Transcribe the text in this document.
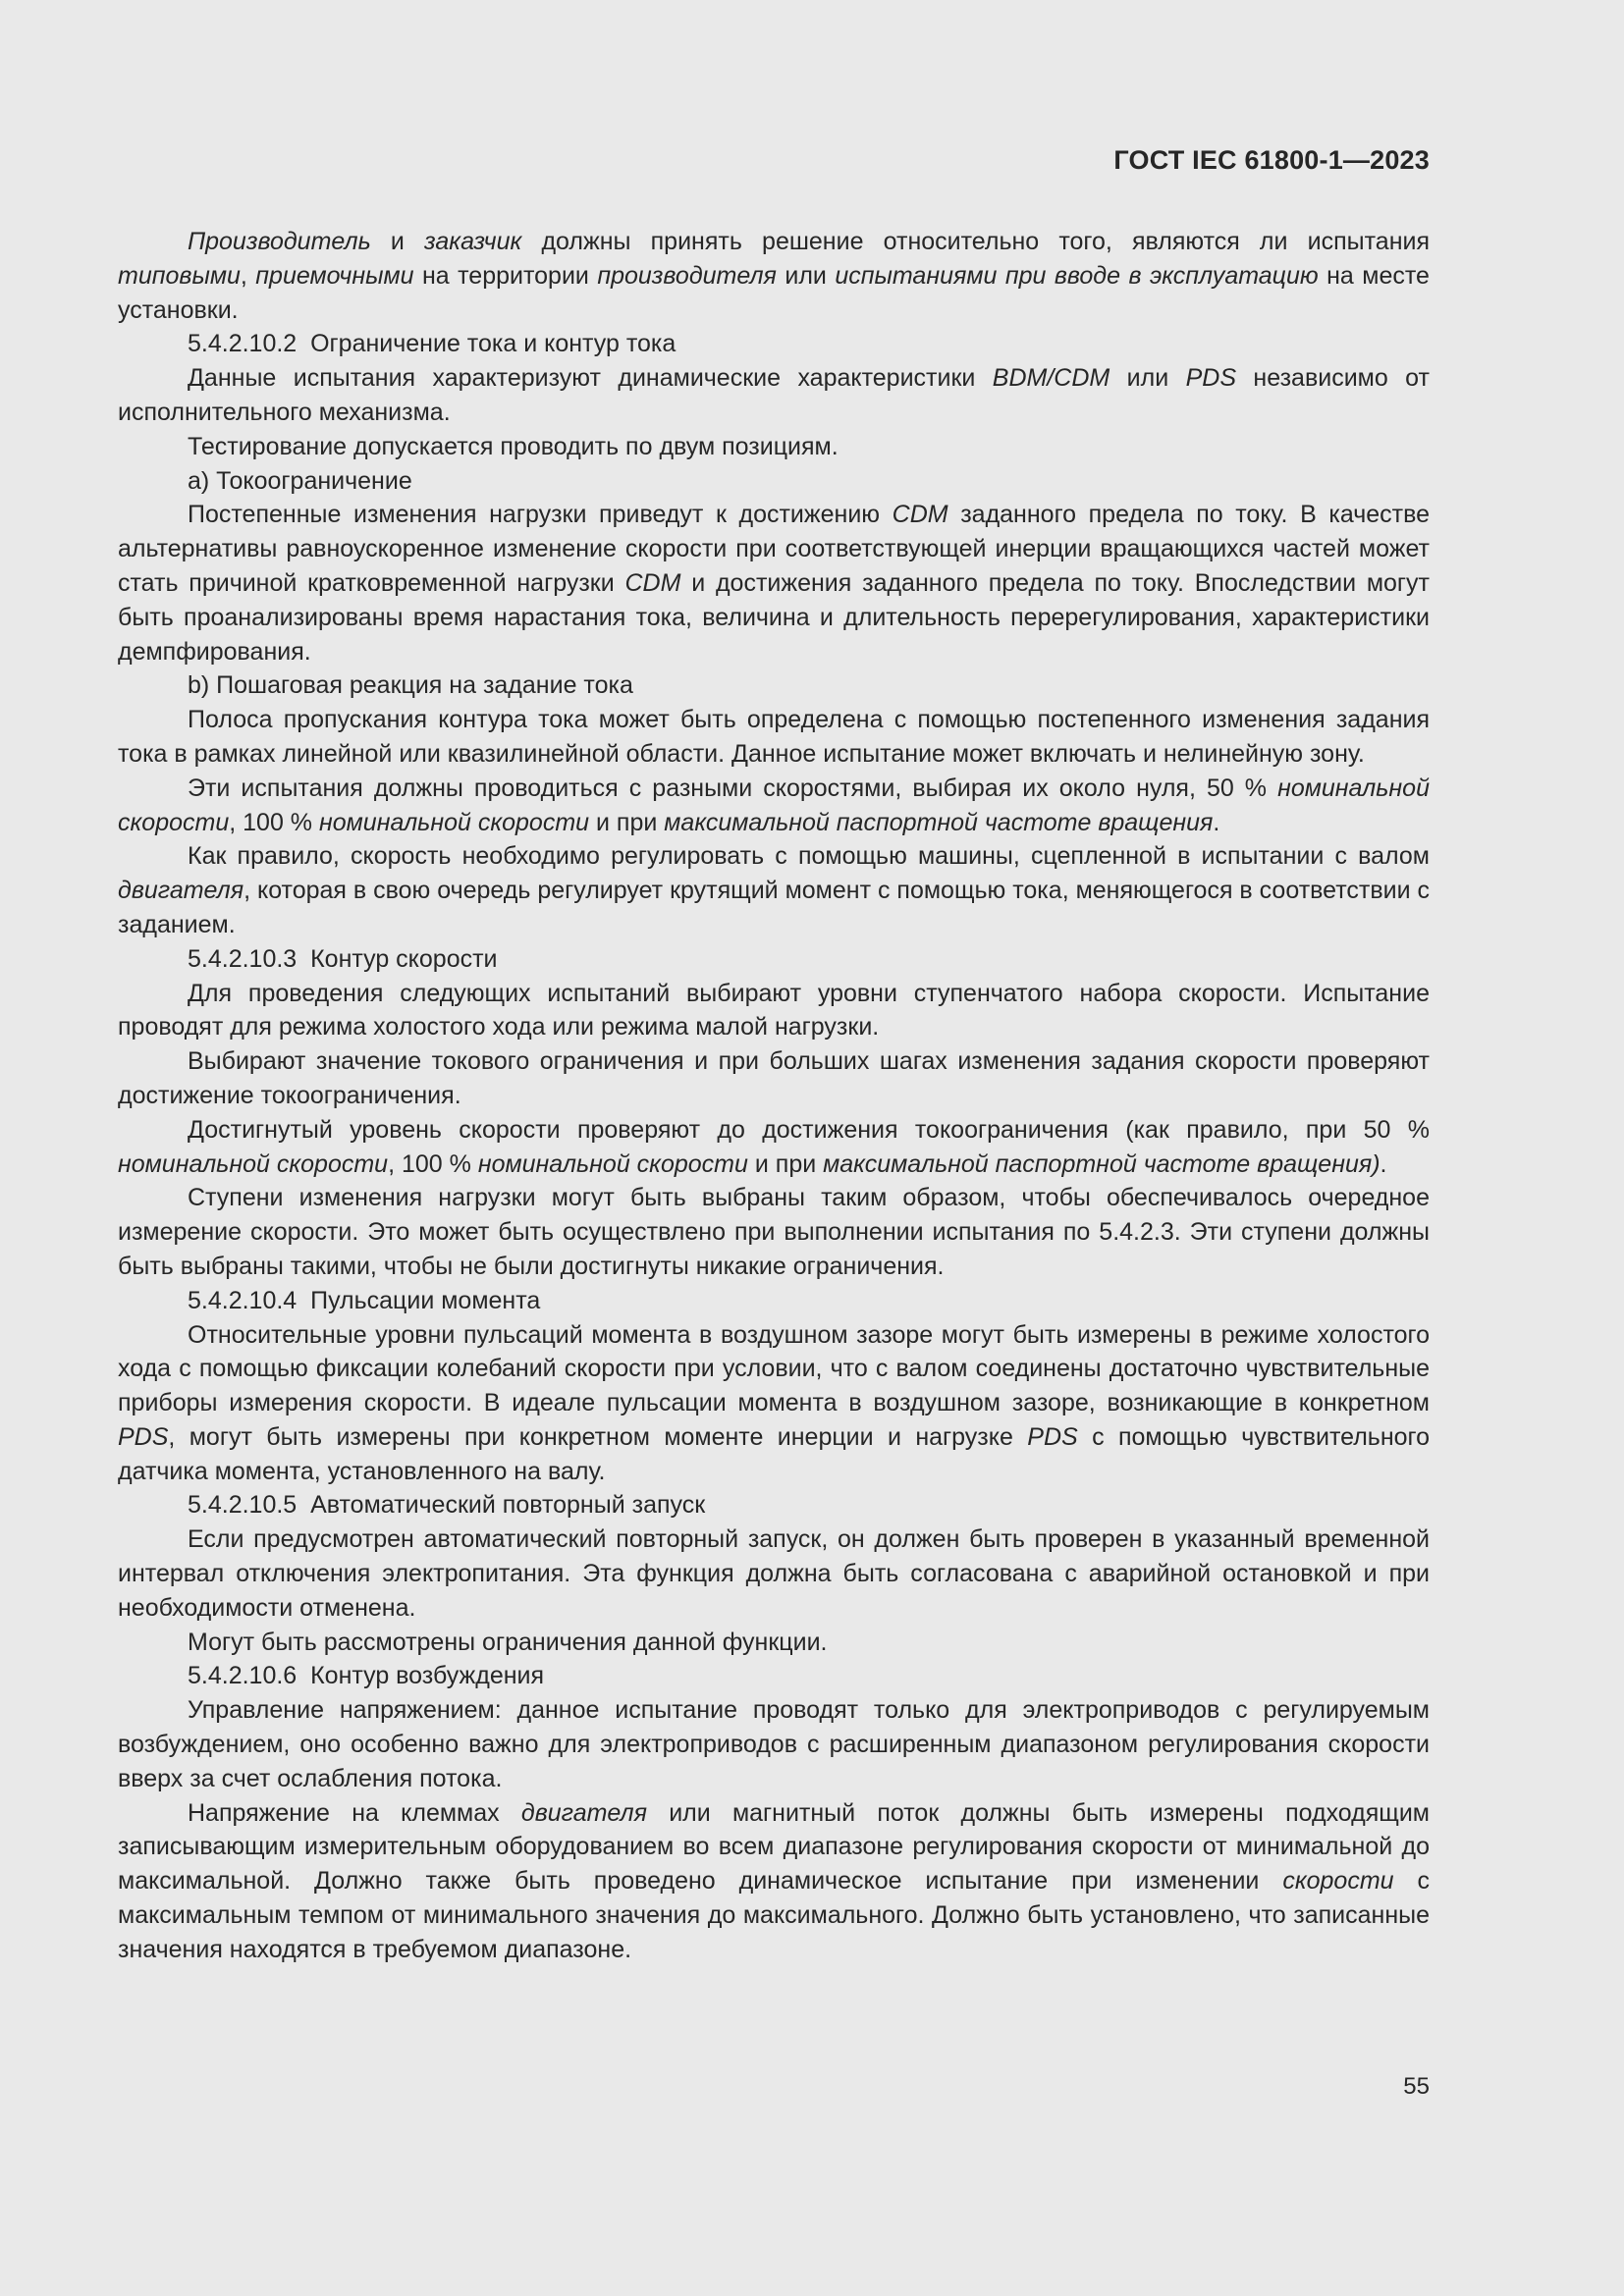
ГОСТ IEC 61800-1—2023

Производитель и заказчик должны принять решение относительно того, являются ли испытания типовыми, приемочными на территории производителя или испытаниями при вводе в эксплуатацию на месте установки.

5.4.2.10.2  Ограничение тока и контур тока

Данные испытания характеризуют динамические характеристики BDM/CDM или PDS независимо от исполнительного механизма.

Тестирование допускается проводить по двум позициям.

a) Токоограничение

Постепенные изменения нагрузки приведут к достижению CDM заданного предела по току. В качестве альтернативы равноускоренное изменение скорости при соответствующей инерции вращающихся частей может стать причиной кратковременной нагрузки CDM и достижения заданного предела по току. Впоследствии могут быть проанализированы время нарастания тока, величина и длительность перерегулирования, характеристики демпфирования.

b) Пошаговая реакция на задание тока

Полоса пропускания контура тока может быть определена с помощью постепенного изменения задания тока в рамках линейной или квазилинейной области. Данное испытание может включать и нелинейную зону.

Эти испытания должны проводиться с разными скоростями, выбирая их около нуля, 50 % номинальной скорости, 100 % номинальной скорости и при максимальной паспортной частоте вращения.

Как правило, скорость необходимо регулировать с помощью машины, сцепленной в испытании с валом двигателя, которая в свою очередь регулирует крутящий момент с помощью тока, меняющегося в соответствии с заданием.

5.4.2.10.3  Контур скорости

Для проведения следующих испытаний выбирают уровни ступенчатого набора скорости. Испытание проводят для режима холостого хода или режима малой нагрузки.

Выбирают значение токового ограничения и при больших шагах изменения задания скорости проверяют достижение токоограничения.

Достигнутый уровень скорости проверяют до достижения токоограничения (как правило, при 50 % номинальной скорости, 100 % номинальной скорости и при максимальной паспортной частоте вращения).

Ступени изменения нагрузки могут быть выбраны таким образом, чтобы обеспечивалось очередное измерение скорости. Это может быть осуществлено при выполнении испытания по 5.4.2.3. Эти ступени должны быть выбраны такими, чтобы не были достигнуты никакие ограничения.

5.4.2.10.4  Пульсации момента

Относительные уровни пульсаций момента в воздушном зазоре могут быть измерены в режиме холостого хода с помощью фиксации колебаний скорости при условии, что с валом соединены достаточно чувствительные приборы измерения скорости. В идеале пульсации момента в воздушном зазоре, возникающие в конкретном PDS, могут быть измерены при конкретном моменте инерции и нагрузке PDS с помощью чувствительного датчика момента, установленного на валу.

5.4.2.10.5  Автоматический повторный запуск

Если предусмотрен автоматический повторный запуск, он должен быть проверен в указанный временной интервал отключения электропитания. Эта функция должна быть согласована с аварийной остановкой и при необходимости отменена.

Могут быть рассмотрены ограничения данной функции.

5.4.2.10.6  Контур возбуждения

Управление напряжением: данное испытание проводят только для электроприводов с регулируемым возбуждением, оно особенно важно для электроприводов с расширенным диапазоном регулирования скорости вверх за счет ослабления потока.

Напряжение на клеммах двигателя или магнитный поток должны быть измерены подходящим записывающим измерительным оборудованием во всем диапазоне регулирования скорости от минимальной до максимальной. Должно также быть проведено динамическое испытание при изменении скорости с максимальным темпом от минимального значения до максимального. Должно быть установлено, что записанные значения находятся в требуемом диапазоне.

55
